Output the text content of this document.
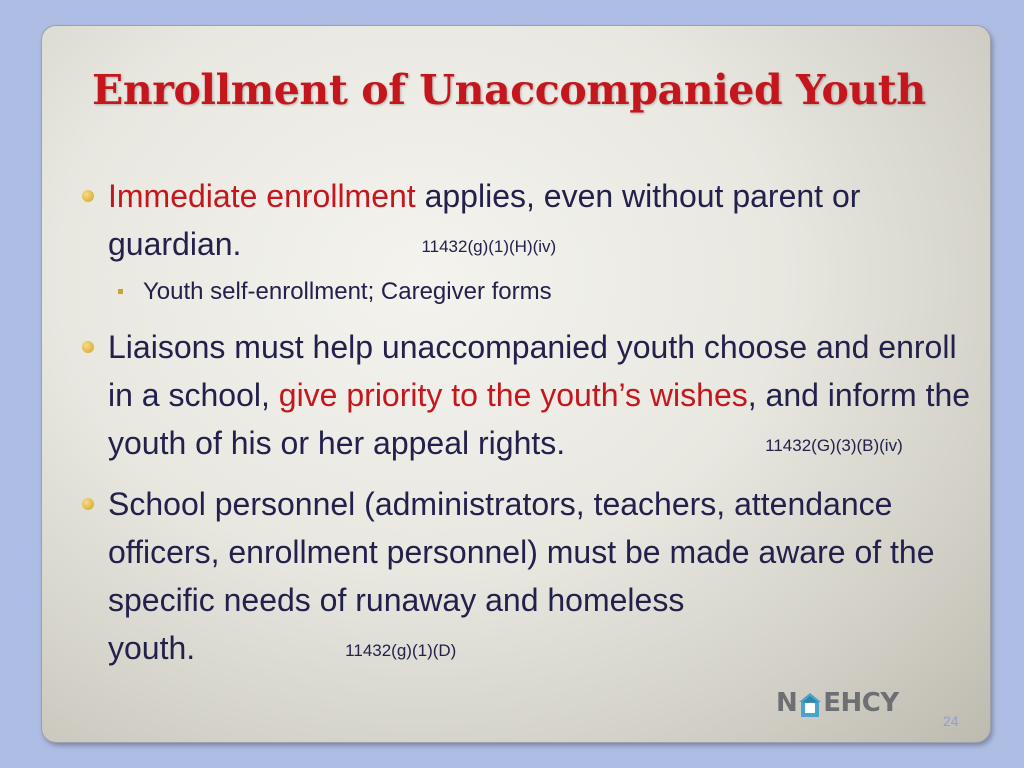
Enrollment of Unaccompanied Youth
Immediate enrollment applies, even without parent or guardian.	11432(g)(1)(H)(iv)
Youth self-enrollment; Caregiver forms
Liaisons must help unaccompanied youth choose and enroll in a school, give priority to the youth’s wishes, and inform the youth of his or her appeal rights.	11432(G)(3)(B)(iv)
School personnel (administrators, teachers, attendance officers, enrollment personnel) must be made aware of the specific needs of runaway and homeless youth.	11432(g)(1)(D)
N EHCY
24
